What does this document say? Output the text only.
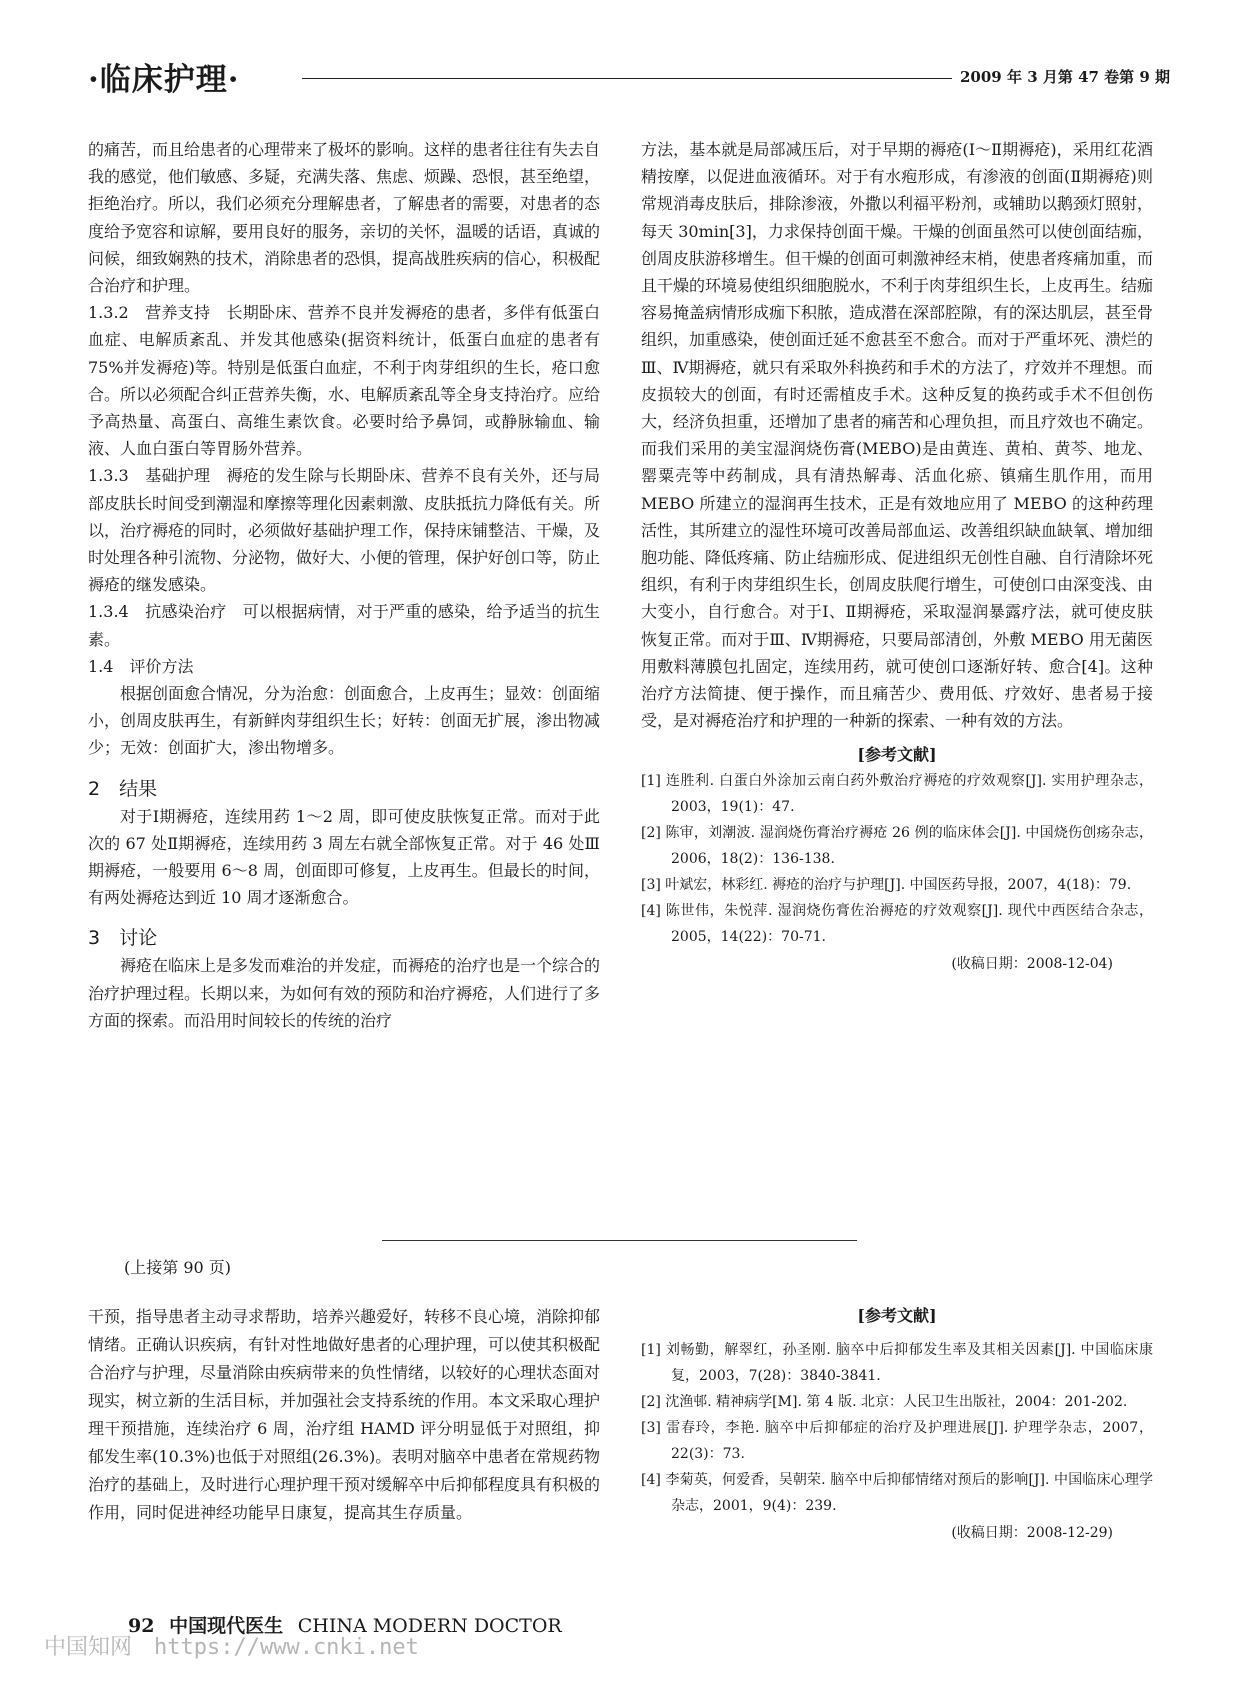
·临床护理·	2009 年 3 月第 47 卷第 9 期

的痛苦，而且给患者的心理带来了极坏的影响。这样的患者往往有失去自我的感觉，他们敏感、多疑，充满失落、焦虑、烦躁、恐恨，甚至绝望，拒绝治疗。所以，我们必须充分理解患者，了解患者的需要，对患者的态度给予宽容和谅解，要用良好的服务，亲切的关怀，温暖的话语，真诚的问候，细致娴熟的技术，消除患者的恐惧，提高战胜疾病的信心，积极配合治疗和护理。

1.3.2　营养支持　长期卧床、营养不良并发褥疮的患者，多伴有低蛋白血症、电解质紊乱、并发其他感染(据资料统计，低蛋白血症的患者有 75%并发褥疮)等。特别是低蛋白血症，不利于肉芽组织的生长，疮口愈合。所以必须配合纠正营养失衡，水、电解质紊乱等全身支持治疗。应给予高热量、高蛋白、高维生素饮食。必要时给予鼻饲，或静脉输血、输液、人血白蛋白等胃肠外营养。

1.3.3　基础护理　褥疮的发生除与长期卧床、营养不良有关外，还与局部皮肤长时间受到潮湿和摩擦等理化因素刺激、皮肤抵抗力降低有关。所以，治疗褥疮的同时，必须做好基础护理工作，保持床铺整洁、干燥，及时处理各种引流物、分泌物，做好大、小便的管理，保护好创口等，防止褥疮的继发感染。

1.3.4　抗感染治疗　可以根据病情，对于严重的感染，给予适当的抗生素。

1.4　评价方法

根据创面愈合情况，分为治愈：创面愈合，上皮再生；显效：创面缩小，创周皮肤再生，有新鲜肉芽组织生长；好转：创面无扩展，渗出物减少；无效：创面扩大，渗出物增多。

2　结果

对于Ⅰ期褥疮，连续用药 1～2 周，即可使皮肤恢复正常。而对于此次的 67 处Ⅱ期褥疮，连续用药 3 周左右就全部恢复正常。对于 46 处Ⅲ期褥疮，一般要用 6～8 周，创面即可修复，上皮再生。但最长的时间，有两处褥疮达到近 10 周才逐渐愈合。

3　讨论

褥疮在临床上是多发而难治的并发症，而褥疮的治疗也是一个综合的治疗护理过程。长期以来，为如何有效的预防和治疗褥疮，人们进行了多方面的探索。而沿用时间较长的传统的治疗

方法，基本就是局部减压后，对于早期的褥疮(Ⅰ～Ⅱ期褥疮)，采用红花酒精按摩，以促进血液循环。对于有水疱形成，有渗液的创面(Ⅱ期褥疮)则常规消毒皮肤后，排除渗液，外撒以利福平粉剂，或辅助以鹅颈灯照射，每天 30min[3]，力求保持创面干燥。干燥的创面虽然可以使创面结痂，创周皮肤游移增生。但干燥的创面可刺激神经末梢，使患者疼痛加重，而且干燥的环境易使组织细胞脱水，不利于肉芽组织生长，上皮再生。结痂容易掩盖病情形成痂下积脓，造成潜在深部腔隙，有的深达肌层，甚至骨组织，加重感染，使创面迁延不愈甚至不愈合。而对于严重坏死、溃烂的Ⅲ、Ⅳ期褥疮，就只有采取外科换药和手术的方法了，疗效并不理想。而皮损较大的创面，有时还需植皮手术。这种反复的换药或手术不但创伤大，经济负担重，还增加了患者的痛苦和心理负担，而且疗效也不确定。而我们采用的美宝湿润烧伤膏(MEBO)是由黄连、黄柏、黄芩、地龙、罂粟壳等中药制成，具有清热解毒、活血化瘀、镇痛生肌作用，而用 MEBO 所建立的湿润再生技术，正是有效地应用了 MEBO 的这种药理活性，其所建立的湿性环境可改善局部血运、改善组织缺血缺氧、增加细胞功能、降低疼痛、防止结痂形成、促进组织无创性自融、自行清除坏死组织，有利于肉芽组织生长，创周皮肤爬行增生，可使创口由深变浅、由大变小，自行愈合。对于Ⅰ、Ⅱ期褥疮，采取湿润暴露疗法，就可使皮肤恢复正常。而对于Ⅲ、Ⅳ期褥疮，只要局部清创，外敷 MEBO 用无菌医用敷料薄膜包扎固定，连续用药，就可使创口逐渐好转、愈合[4]。这种治疗方法简捷、便于操作，而且痛苦少、费用低、疗效好、患者易于接受，是对褥疮治疗和护理的一种新的探索、一种有效的方法。

[参考文献]

[1] 连胜利. 白蛋白外涂加云南白药外敷治疗褥疮的疗效观察[J]. 实用护理杂志，2003，19(1)：47.

[2] 陈审，刘潮波. 湿润烧伤膏治疗褥疮 26 例的临床体会[J]. 中国烧伤创疡杂志，2006，18(2)：136-138.

[3] 叶斌宏，林彩红. 褥疮的治疗与护理[J]. 中国医药导报，2007，4(18)：79.

[4] 陈世伟，朱悦萍. 湿润烧伤膏佐治褥疮的疗效观察[J]. 现代中西医结合杂志，2005，14(22)：70-71.

(收稿日期：2008-12-04)
(上接第 90 页)

干预，指导患者主动寻求帮助，培养兴趣爱好，转移不良心境，消除抑郁情绪。正确认识疾病，有针对性地做好患者的心理护理，可以使其积极配合治疗与护理，尽量消除由疾病带来的负性情绪，以较好的心理状态面对现实，树立新的生活目标，并加强社会支持系统的作用。本文采取心理护理干预措施，连续治疗 6 周，治疗组 HAMD 评分明显低于对照组，抑郁发生率(10.3%)也低于对照组(26.3%)。表明对脑卒中患者在常规药物治疗的基础上，及时进行心理护理干预对缓解卒中后抑郁程度具有积极的作用，同时促进神经功能早日康复，提高其生存质量。

[参考文献]

[1] 刘畅勤，解翠红，孙圣刚. 脑卒中后抑郁发生率及其相关因素[J]. 中国临床康复，2003，7(28)：3840-3841.

[2] 沈渔邨. 精神病学[M]. 第 4 版. 北京：人民卫生出版社，2004：201-202.

[3] 雷春玲，李艳. 脑卒中后抑郁症的治疗及护理进展[J]. 护理学杂志，2007，22(3)：73.

[4] 李菊英，何爱香，吴朝荣. 脑卒中后抑郁情绪对预后的影响[J]. 中国临床心理学杂志，2001，9(4)：239.

(收稿日期：2008-12-29)
92 中国现代医生 CHINA MODERN DOCTOR
中国知网　https://www.cnki.net
